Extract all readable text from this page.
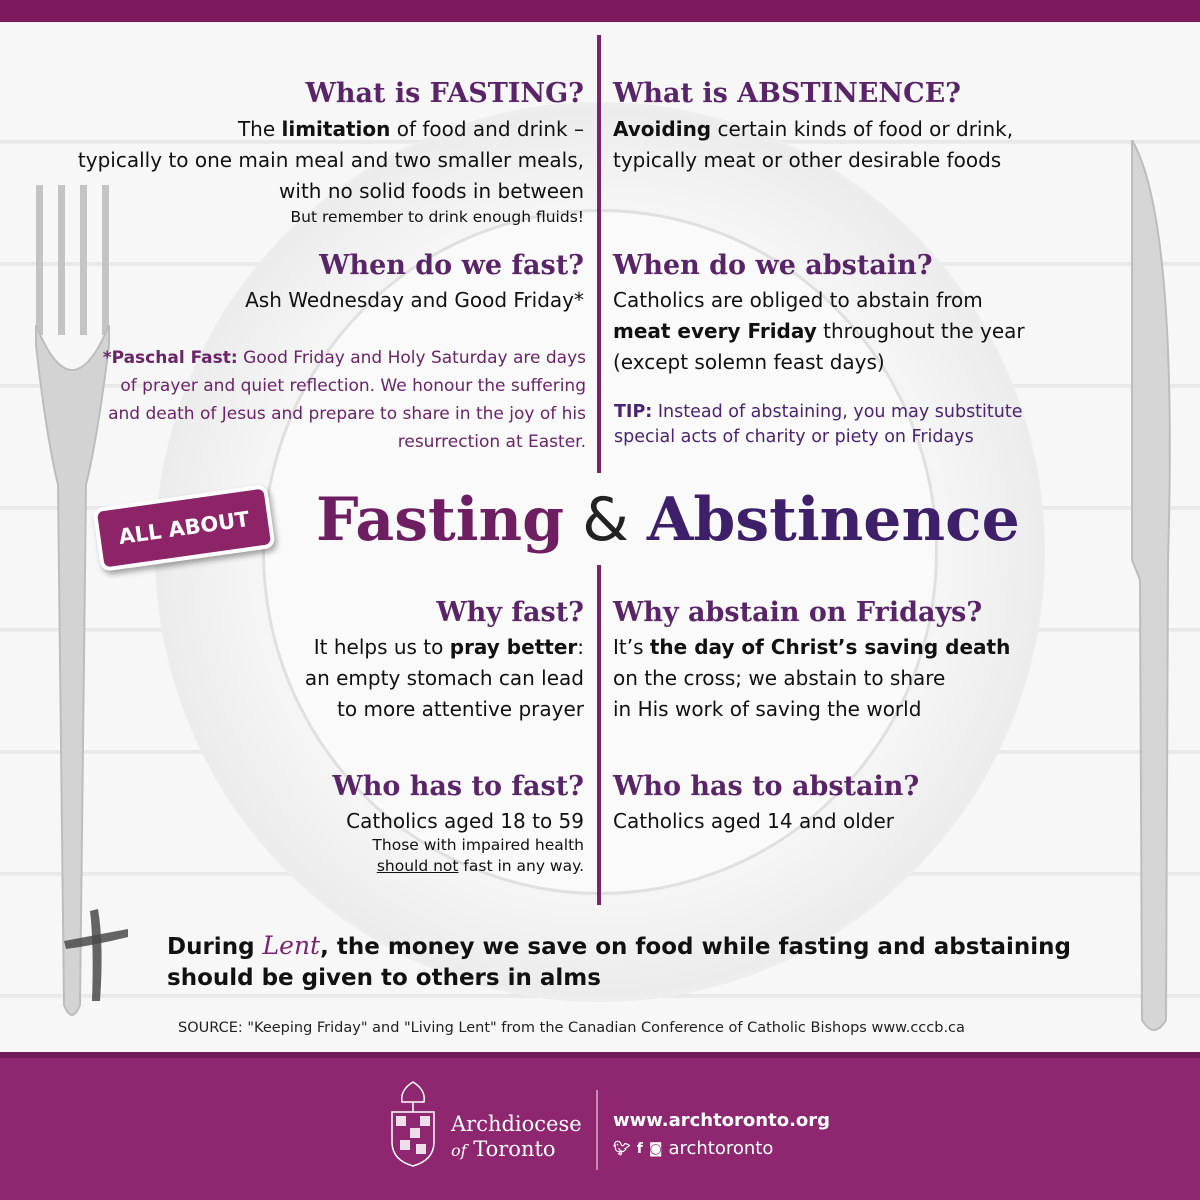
What is FASTING?
The limitation of food and drink –
typically to one main meal and two smaller meals,
with no solid foods in between
But remember to drink enough fluids!
When do we fast?
Ash Wednesday and Good Friday*
*Paschal Fast: Good Friday and Holy Saturday are days
of prayer and quiet reflection. We honour the suffering
and death of Jesus and prepare to share in the joy of his
resurrection at Easter.
What is ABSTINENCE?
Avoiding certain kinds of food or drink,
typically meat or other desirable foods
When do we abstain?
Catholics are obliged to abstain from
meat every Friday throughout the year
(except solemn feast days)
TIP: Instead of abstaining, you may substitute
special acts of charity or piety on Fridays
ALL ABOUT	Fasting & Abstinence
Why fast?
It helps us to pray better:
an empty stomach can lead
to more attentive prayer
Who has to fast?
Catholics aged 18 to 59
Those with impaired health
should not fast in any way.
Why abstain on Fridays?
It’s the day of Christ’s saving death
on the cross; we abstain to share
in His work of saving the world
Who has to abstain?
Catholics aged 14 and older
During Lent, the money we save on food while fasting and abstaining
should be given to others in alms
SOURCE: "Keeping Friday" and "Living Lent" from the Canadian Conference of Catholic Bishops www.cccb.ca
Archdiocese
of Toronto
www.archtoronto.org
🐦︎ f ◙ archtoronto
